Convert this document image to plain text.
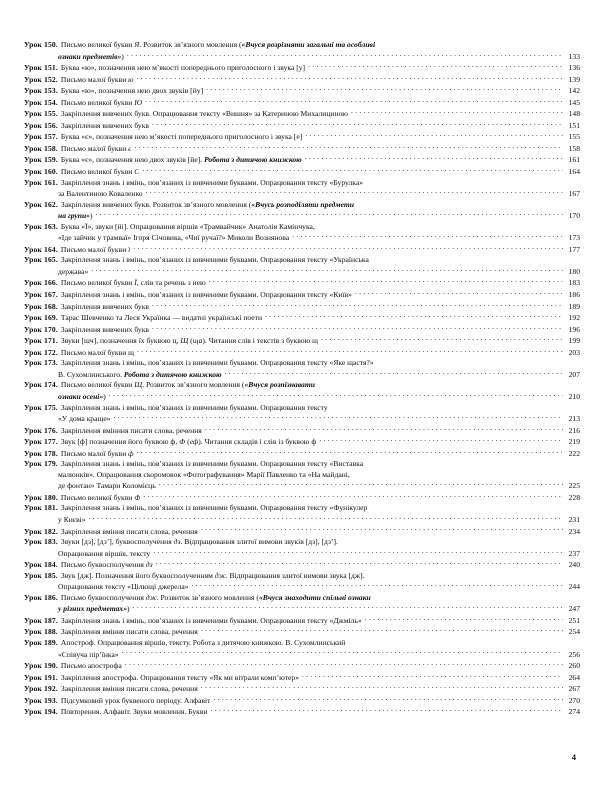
Урок 150. Письмо великої букви Я. Розвиток зв’язного мовлення («Вчуся розрізняти загальні та особливі
ознаки предметів») . . .	133
Урок 151. Буква «ю», позначення нею м’якості попереднього приголосного і звука [у] . . .	136
Урок 152. Письмо малої букви ю . . .	139
Урок 153. Буква «ю», позначення нею двох звуків [йу] . . .	142
Урок 154. Письмо великої букви Ю . . .	145
Урок 155. Закріплення вивчених букв. Опрацювання тексту «Вишня» за Катериною Михалициною . . .	148
Урок 156. Закріплення вивчених букв . . .	151
Урок 157. Буква «є», позначення нею м’якості попереднього приголосного і звука [е] . . .	155
Урок 158. Письмо малої букви є . . .	158
Урок 159. Буква «є», позначення нею двох звуків [йе]. Робота з дитячою книжкою . . .	161
Урок 160. Письмо великої букви С . . .	164
Урок 161. Закріплення знань і вмінь, пов’язаних із вивченими буквами. Опрацювання тексту «Бурулка»
за Валентиною Коваленко . . .	167
Урок 162. Закріплення вивчених букв. Розвиток зв’язного мовлення («Вчусь розподіляти предмети
на групи») . . .	170
Урок 163. Буква «Ї», звуки [йі]. Опрацювання віршів «Трамвайчик» Анатолія Камінчука,
«Іде зайчик у трамваї» Ігоря Січовика, «Чиї ручаї?» Миколи Вознянова . . .	173
Урок 164. Письмо малої букви ї . . .	177
Урок 165. Закріплення знань і вмінь, пов’язаних із вивченими буквами. Опрацювання тексту «Українська
держава» . . .	180
Урок 166. Письмо великої букви Ї, слів та речень з нею . . .	183
Урок 167. Закріплення знань і вмінь, пов’язаних із вивченими буквами. Опрацювання тексту «Київ» . . .	186
Урок 168. Закріплення вивчених букв . . .	189
Урок 169. Тарас Шевченко та Леся Українка — видатні українські поети . . .	192
Урок 170. Закріплення вивчених букв . . .	196
Урок 171. Звуки [шч], позначення їх буквою ц, Щ (ща). Читання слів і текстів з буквою щ . . .	199
Урок 172. Письмо малої букви щ . . .	203
Урок 173. Закріплення знань і вмінь, пов’язаних із вивченими буквами. Опрацювання тексту «Яке щастя?»
В. Сухомлинського. Робота з дитячою книжкою . . .	207
Урок 174. Письмо великої букви Щ. Розвиток зв’язного мовлення («Вчуся розпізнавати
ознаки осені») . . .	210
Урок 175. Закріплення знань і вмінь, пов’язаних із вивченими буквами. Опрацювання тексту
«У дома краще» . . .	213
Урок 176. Закріплення вмінння писати слова, речення . . .	216
Урок 177. Звук [ф] позначення його буквою ф, Ф (еф). Читання складів і слів із буквою ф . . .	219
Урок 178. Письмо малої букви ф . . .	222
Урок 179. Закріплення знань і вмінь, пов’язаних із вивченими буквами. Опрацювання тексту «Виставка
малюнків». Опрацювання скоромовок «Фотографування» Марії Павленко та «На майдані,
де фонтан» Тамари Коломієць . . .	225
Урок 180. Письмо великої букви Ф . . .	228
Урок 181. Закріплення знань і вмінь, пов’язаних із вивченими буквами. Опрацювання тексту «Фунікулер
у Києві» . . .	231
Урок 182. Закріплення вміння писати слова, речення . . .	234
Урок 183. Звуки [дз], [дз’], буквосполучення дз. Відпрацювання злитої вимови звуків [дз], [дз’].
Опрацювання віршів, тексту . . .	237
Урок 184. Письмо буквосполучення дз . . .	240
Урок 185. Звук [дж]. Позначення його буквосполученням дж. Відпрацювання злитої вимови звука [дж].
Опрацювання тексту «Цілющі джерела» . . .	244
Урок 186. Письмо буквосполучення дж. Розвиток зв’язного мовлення («Вчуся знаходити спільні ознаки
у різних предметах») . . .	247
Урок 187. Закріплення знань і вмінь, пов’язаних із вивченими буквами. Опрацювання тексту «Джміль» . . .	251
Урок 188. Закріплення вміння писати слова, речення . . .	254
Урок 189. Апостроф. Опрацювання віршів, тексту. Робота з дитячою книжкою. В. Сухомлинський
«Співуча пір’їнка» . . .	256
Урок 190. Письмо апострофа . . .	260
Урок 191. Закріплення апострофа. Опрацювання тексту «Як ми вітрали комп’ютер» . . .	264
Урок 192. Закріплення вміння писати слова, речення . . .	267
Урок 193. Підсумковий урок буквеного періоду. Алфавіт . . .	270
Урок 194. Повторення. Алфавіт. Звуки мовлення. Букви . . .	274
4
